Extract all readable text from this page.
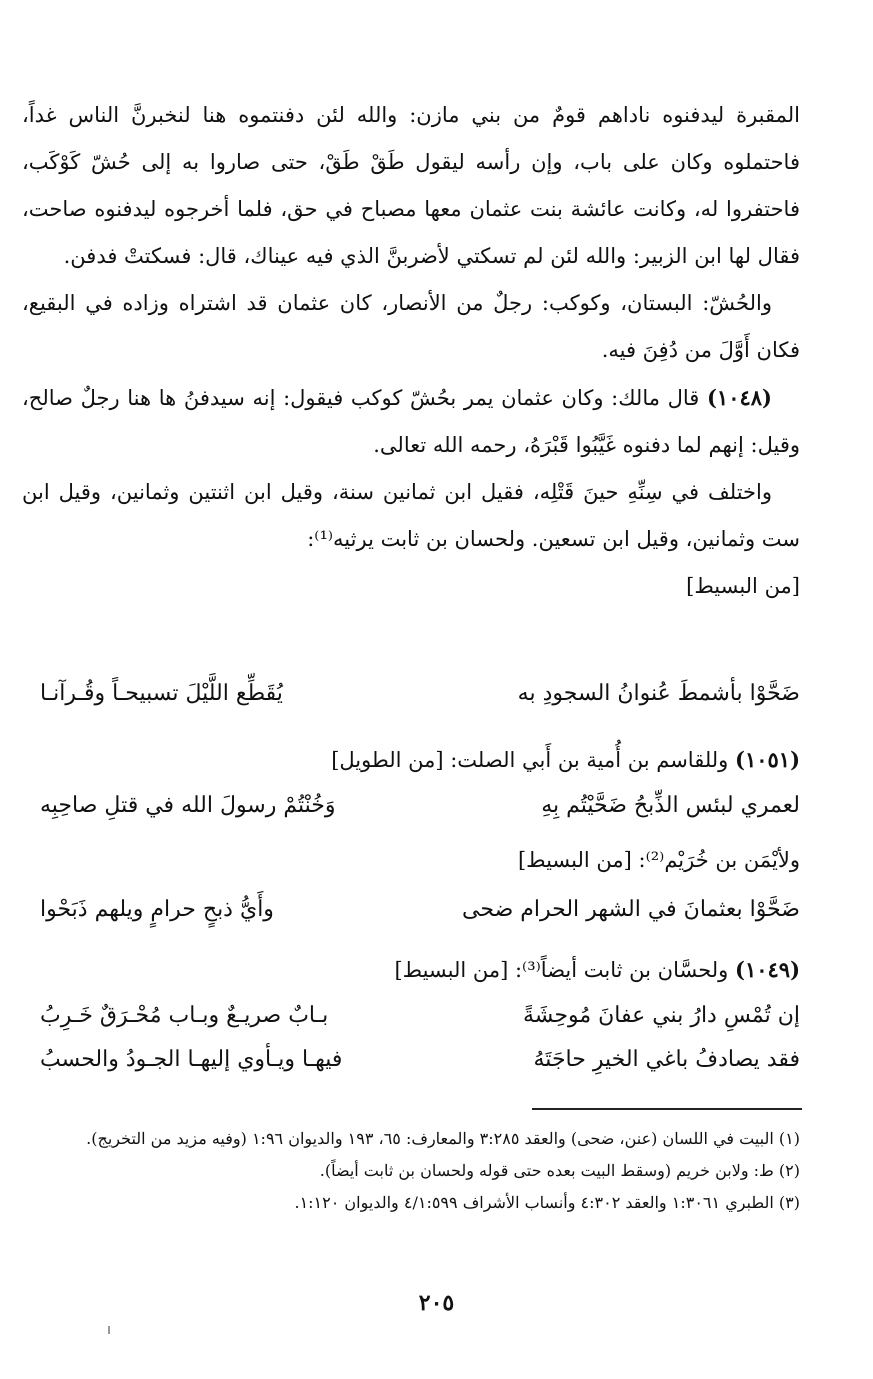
المقبرة ليدفنوه ناداهم قومٌ من بني مازن: والله لئن دفنتموه هنا لنخبرنَّ الناس غداً، فاحتملوه وكان على باب، وإن رأسه ليقول طَقْ طَقْ، حتى صاروا به إلى حُشّ كَوْكَب، فاحتفروا له، وكانت عائشة بنت عثمان معها مصباح في حق، فلما أخرجوه ليدفنوه صاحت، فقال لها ابن الزبير: والله لئن لم تسكتي لأضربنَّ الذي فيه عيناك، قال: فسكتتْ فدفن.

والحُشّ: البستان، وكوكب: رجلٌ من الأنصار، كان عثمان قد اشتراه وزاده في البقيع، فكان أَوَّلَ من دُفِنَ فيه.

(١٠٤٨) قال مالك: وكان عثمان يمر بحُشّ كوكب فيقول: إنه سيدفنُ ها هنا رجلٌ صالح، وقيل: إنهم لما دفنوه غَيَّبُوا قَبْرَهُ، رحمه الله تعالى.

واختلف في سِنِّهِ حينَ قَتْلِه، فقيل ابن ثمانين سنة، وقيل ابن اثنتين وثمانين، وقيل ابن ست وثمانين، وقيل ابن تسعين. ولحسان بن ثابت يرثيه⁽¹⁾:

[من البسيط]
ضَحَّوْا بأشمطَ عُنوانُ السجودِ به
يُقَطِّع اللَّيْلَ تسبيحـاً وقُـرآنـا
(١٠٥١) وللقاسم بن أُمية بن أَبي الصلت: [من الطويل]
لعمري لبئس الذِّبحُ ضَحَّيْتُم بِهِ
وَخُنْتُمْ رسولَ الله في قتلِ صاحِبِه
ولأيْمَن بن خُرَيْم⁽²⁾: [من البسيط]
ضَحَّوْا بعثمانَ في الشهر الحرام ضحى
وأَيُّ ذبحٍ حرامٍ ويلهم ذَبَحْوا
(١٠٤٩) ولحسَّان بن ثابت أيضاً⁽³⁾: [من البسيط]
إن تُمْسِ دارُ بني عفانَ مُوحِشَةً
بـابٌ صريـعٌ وبـاب مُحْـرَقٌ خَـرِبُ
فقد يصادفُ باغي الخيرِ حاجَتَهُ
فيهـا ويـأوي إليهـا الجـودُ والحسبُ

(١) البيت في اللسان (عنن، ضحى) والعقد ٣:٢٨٥ والمعارف: ٦٥، ١٩٣ والديوان ١:٩٦ (وفيه مزيد من التخريج).

(٢) ط: ولابن خريم (وسقط البيت بعده حتى قوله ولحسان بن ثابت أيضاً).

(٣) الطبري ١:٣٠٦١ والعقد ٤:٣٠٢ وأنساب الأشراف ٤/١:٥٩٩ والديوان ١:١٢٠.

٢٠٥
